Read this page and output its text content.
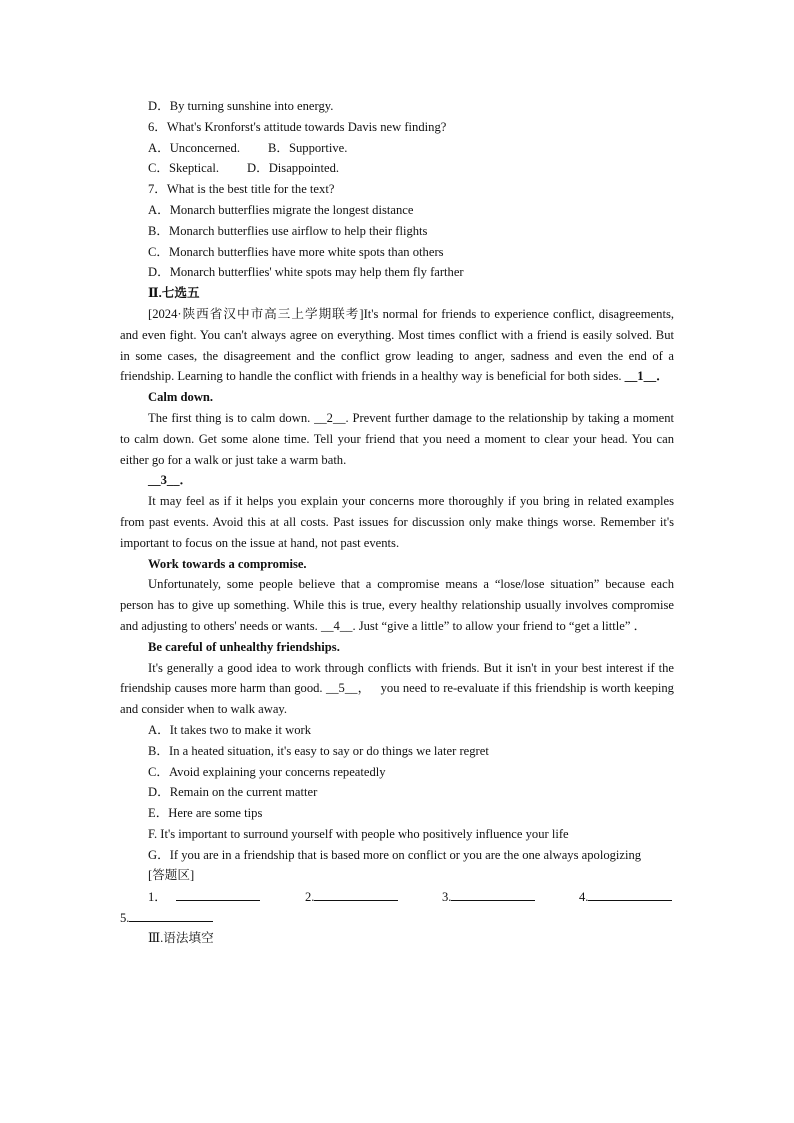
D．By turning sunshine into energy.

6．What's Kronforst's attitude towards Davis new finding?

A．Unconcerned. B．Supportive.

C．Skeptical. D．Disappointed.

7．What is the best title for the text?

A．Monarch butterflies migrate the longest distance

B．Monarch butterflies use airflow to help their flights

C．Monarch butterflies have more white spots than others

D．Monarch butterflies' white spots may help them fly farther

Ⅱ.七选五

[2024·陕西省汉中市高三上学期联考]It's normal for friends to experience conflict, disagreements, and even fight. You can't always agree on everything. Most times conflict with a friend is easily solved. But in some cases, the disagreement and the conflict grow leading to anger, sadness and even the end of a friendship. Learning to handle the conflict with friends in a healthy way is beneficial for both sides. __1__．

Calm down.

The first thing is to calm down. __2__. Prevent further damage to the relationship by taking a moment to calm down. Get some alone time. Tell your friend that you need a moment to clear your head. You can either go for a walk or just take a warm bath.

__3__．

It may feel as if it helps you explain your concerns more thoroughly if you bring in related examples from past events. Avoid this at all costs. Past issues for discussion only make things worse. Remember it's important to focus on the issue at hand, not past events.

Work towards a compromise.

Unfortunately, some people believe that a compromise means a “lose/lose situation” because each person has to give up something. While this is true, every healthy relationship usually involves compromise and adjusting to others' needs or wants. __4__. Just “give a little” to allow your friend to “get a little” ．

Be careful of unhealthy friendships.

It's generally a good idea to work through conflicts with friends. But it isn't in your best interest if the friendship causes more harm than good. __5__， you need to re-evaluate if this friendship is worth keeping and consider when to walk away.

A．It takes two to make it work

B．In a heated situation, it's easy to say or do things we later regret

C．Avoid explaining your concerns repeatedly

D．Remain on the current matter

E．Here are some tips

F. It's important to surround yourself with people who positively influence your life

G．If you are in a friendship that is based more on conflict or you are the one always apologizing

[答题区]

1．	2.	3.	4.
5.

Ⅲ.语法填空
